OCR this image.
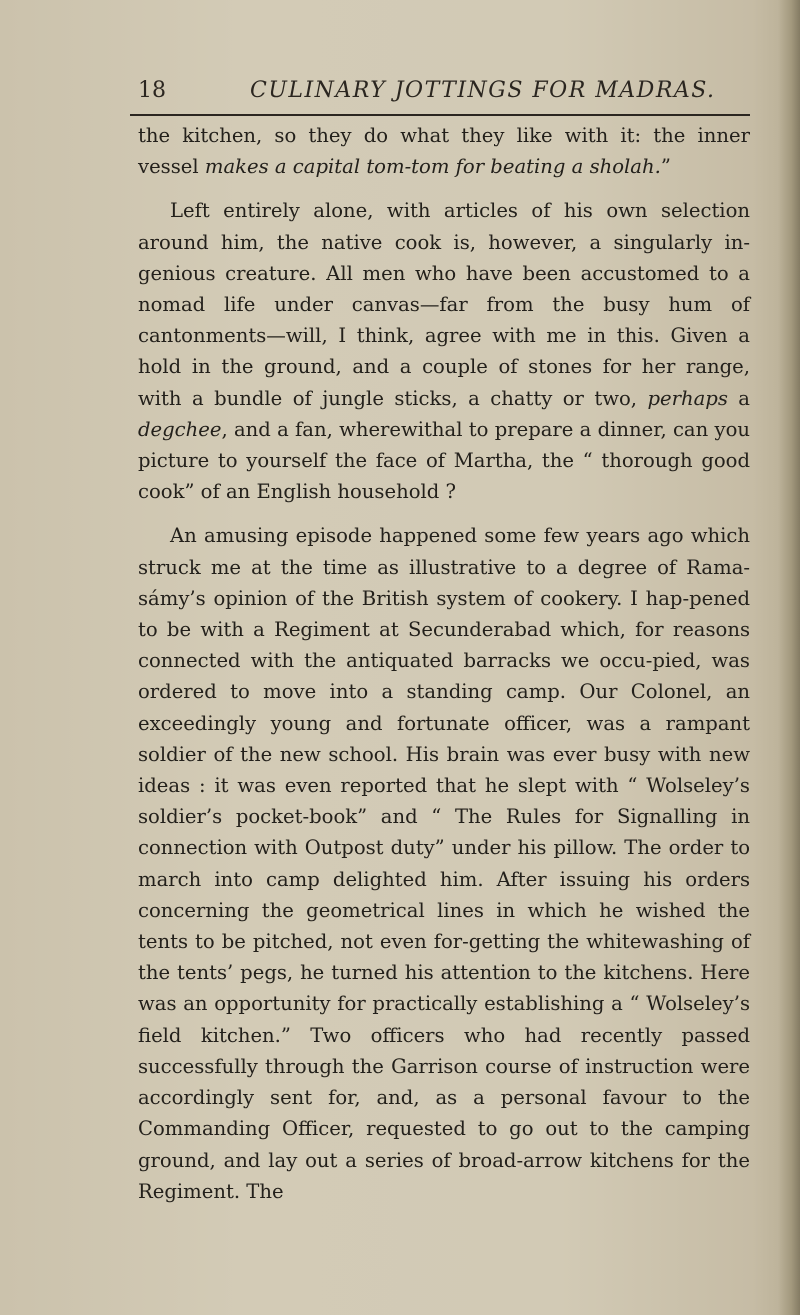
18	CULINARY JOTTINGS FOR MADRAS.

the kitchen, so they do what they like with it: the inner vessel makes a capital tom-tom for beating a sholah.”

Left entirely alone, with articles of his own selection around him, the native cook is, however, a singularly in-genious creature. All men who have been accustomed to a nomad life under canvas—far from the busy hum of cantonments—will, I think, agree with me in this. Given a hold in the ground, and a couple of stones for her range, with a bundle of jungle sticks, a chatty or two, perhaps a degchee, and a fan, wherewithal to prepare a dinner, can you picture to yourself the face of Martha, the “ thorough good cook” of an English household ?

An amusing episode happened some few years ago which struck me at the time as illustrative to a degree of Rama-sámy’s opinion of the British system of cookery. I hap-pened to be with a Regiment at Secunderabad which, for reasons connected with the antiquated barracks we occu-pied, was ordered to move into a standing camp. Our Colonel, an exceedingly young and fortunate officer, was a rampant soldier of the new school. His brain was ever busy with new ideas : it was even reported that he slept with “ Wolseley’s soldier’s pocket-book” and “ The Rules for Signalling in connection with Outpost duty” under his pillow. The order to march into camp delighted him. After issuing his orders concerning the geometrical lines in which he wished the tents to be pitched, not even for-getting the whitewashing of the tents’ pegs, he turned his attention to the kitchens. Here was an opportunity for practically establishing a “ Wolseley’s field kitchen.” Two officers who had recently passed successfully through the Garrison course of instruction were accordingly sent for, and, as a personal favour to the Commanding Officer, requested to go out to the camping ground, and lay out a series of broad-arrow kitchens for the Regiment. The
